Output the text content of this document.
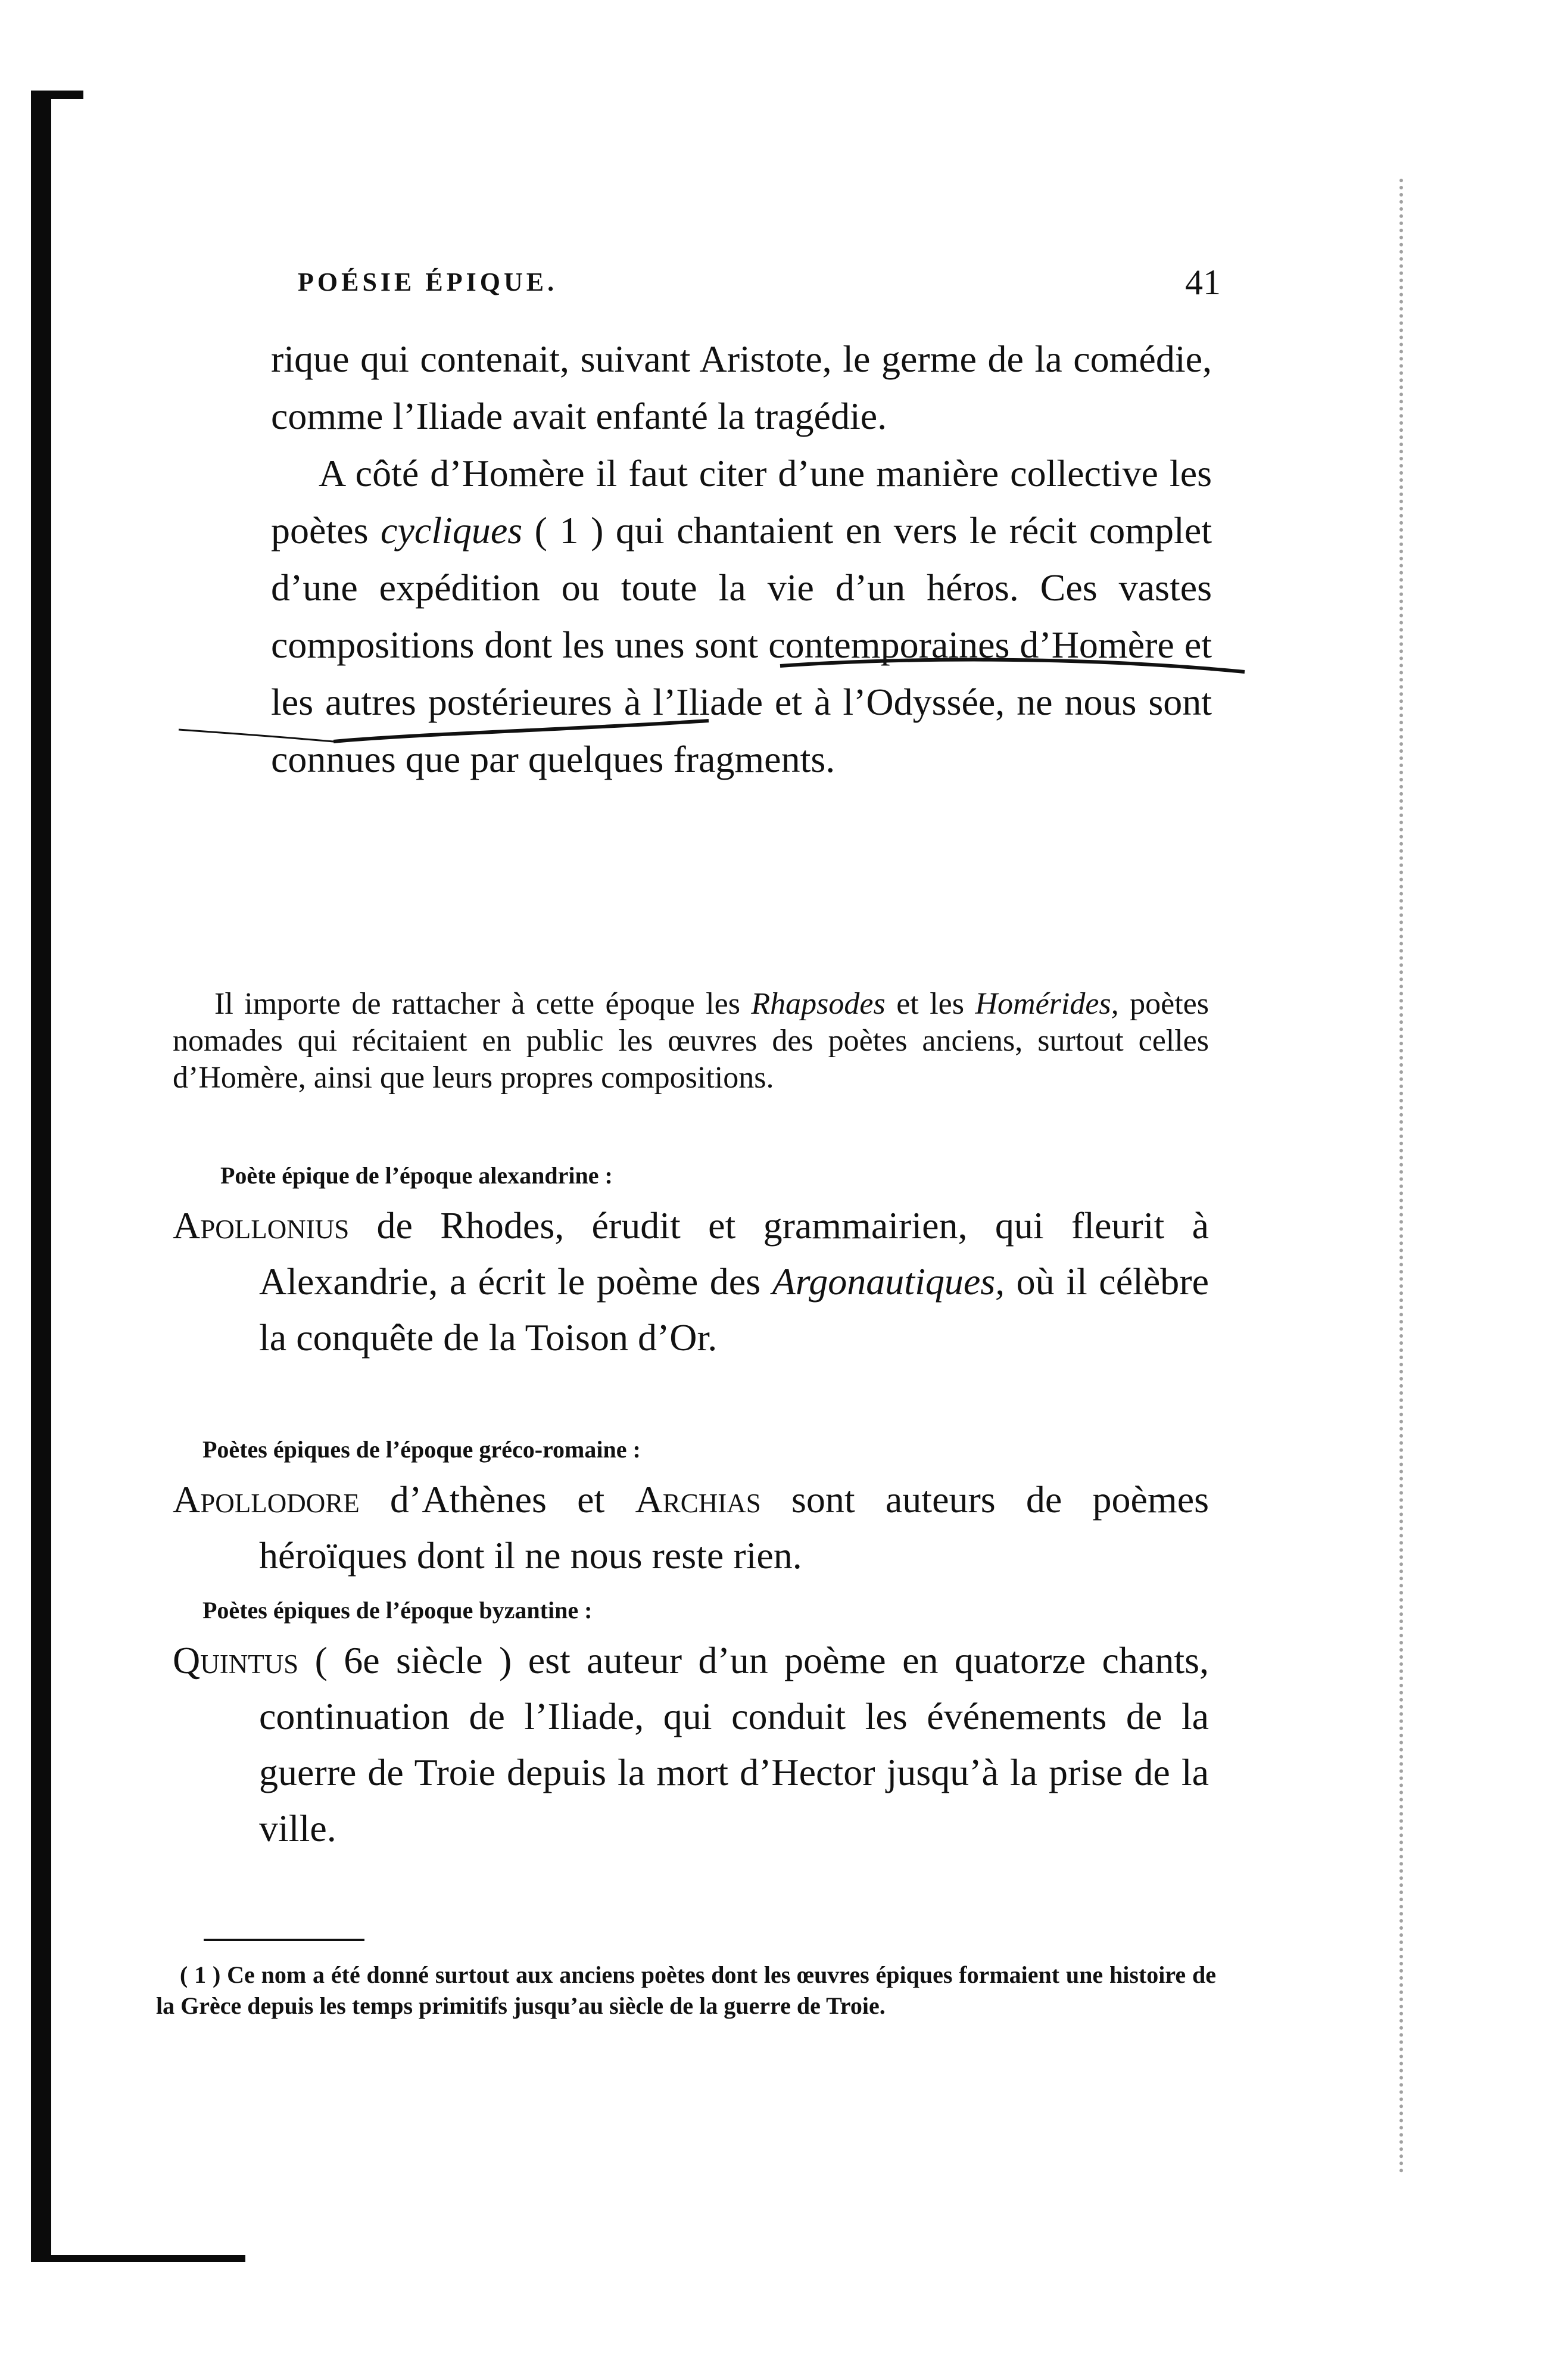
POÉSIE ÉPIQUE.	41

rique qui contenait, suivant Aristote, le germe de la comédie, comme l’Iliade avait enfanté la tragédie.

A côté d’Homère il faut citer d’une manière collective les poètes cycliques ( 1 ) qui chantaient en vers le récit complet d’une expédition ou toute la vie d’un héros. Ces vastes compositions dont les unes sont contemporaines d’Homère et les autres postérieures à l’Iliade et à l’Odyssée, ne nous sont connues que par quelques fragments.

Il importe de rattacher à cette époque les Rhapsodes et les Homérides, poètes nomades qui récitaient en public les œuvres des poètes anciens, surtout celles d’Homère, ainsi que leurs propres compositions.

Poète épique de l’époque alexandrine :

Apollonius de Rhodes, érudit et grammairien, qui fleurit à Alexandrie, a écrit le poème des Argonautiques, où il célèbre la conquête de la Toison d’Or.

Poètes épiques de l’époque gréco-romaine :

Apollodore d’Athènes et Archias sont auteurs de poèmes héroïques dont il ne nous reste rien.

Poètes épiques de l’époque byzantine :

Quintus ( 6e siècle ) est auteur d’un poème en quatorze chants, continuation de l’Iliade, qui conduit les événements de la guerre de Troie depuis la mort d’Hector jusqu’à la prise de la ville.

( 1 ) Ce nom a été donné surtout aux anciens poètes dont les œuvres épiques formaient une histoire de la Grèce depuis les temps primitifs jusqu’au siècle de la guerre de Troie.
